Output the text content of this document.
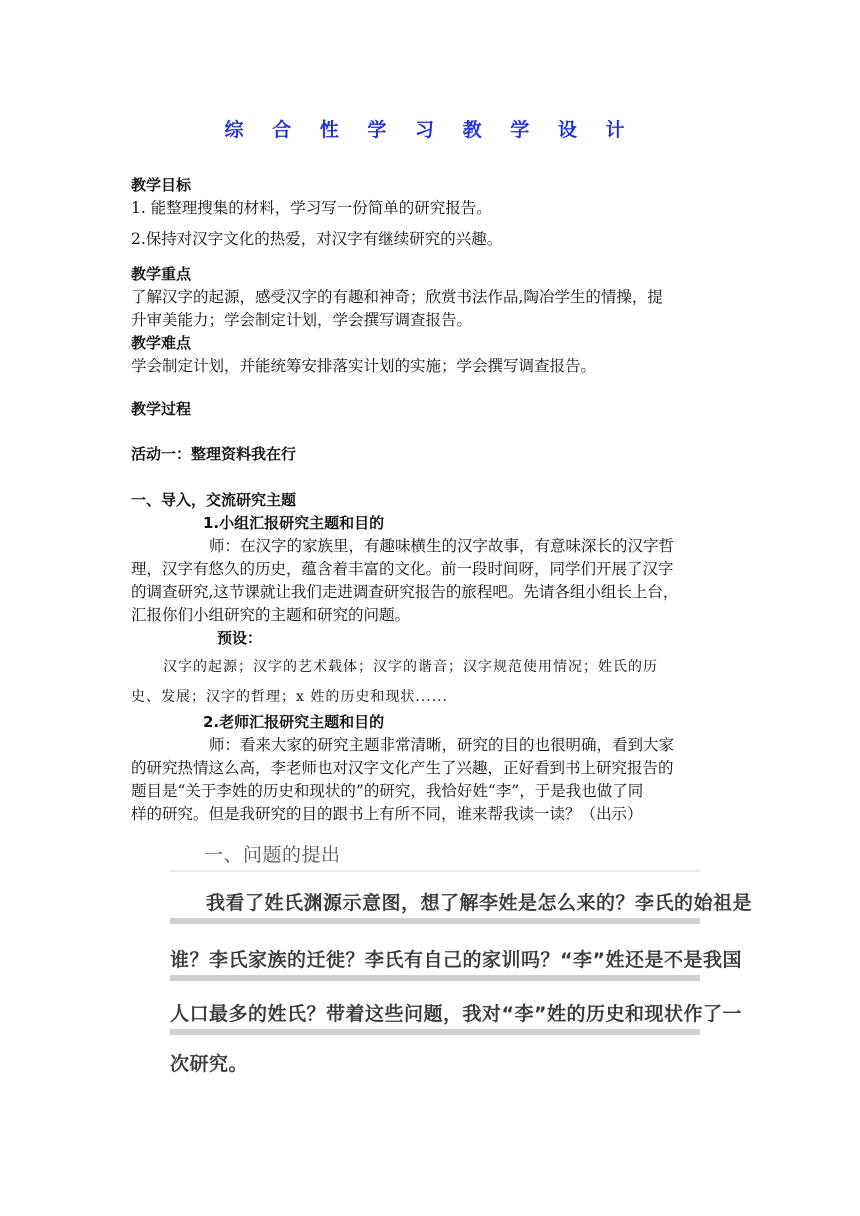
综 合 性 学 习 教 学 设 计
教学目标
1. 能整理搜集的材料，学习写一份简单的研究报告。
2.保持对汉字文化的热爱，对汉字有继续研究的兴趣。
教学重点
了解汉字的起源，感受汉字的有趣和神奇；欣赏书法作品,陶冶学生的情操，提
升审美能力；学会制定计划，学会撰写调查报告。
教学难点
学会制定计划，并能统筹安排落实计划的实施；学会撰写调查报告。
教学过程
活动一：整理资料我在行
一、导入，交流研究主题
1.小组汇报研究主题和目的
师：在汉字的家族里，有趣味横生的汉字故事，有意味深长的汉字哲
理，汉字有悠久的历史，蕴含着丰富的文化。前一段时间呀，同学们开展了汉字
的调查研究,这节课就让我们走进调查研究报告的旅程吧。先请各组小组长上台，
汇报你们小组研究的主题和研究的问题。
预设：
汉字的起源；汉字的艺术载体；汉字的谐音；汉字规范使用情况；姓氏的历
史、发展；汉字的哲理；x 姓的历史和现状......
2.老师汇报研究主题和目的
师：看来大家的研究主题非常清晰，研究的目的也很明确，看到大家
的研究热情这么高，李老师也对汉字文化产生了兴趣，正好看到书上研究报告的
题目是“关于李姓的历史和现状的”的研究，我恰好姓“李”，于是我也做了同
样的研究。但是我研究的目的跟书上有所不同，谁来帮我读一读？（出示）
一、问题的提出
我看了姓氏渊源示意图，想了解李姓是怎么来的？李氏的始祖是
谁？李氏家族的迁徙？李氏有自己的家训吗？“李”姓还是不是我国
人口最多的姓氏？带着这些问题，我对“李”姓的历史和现状作了一
次研究。
